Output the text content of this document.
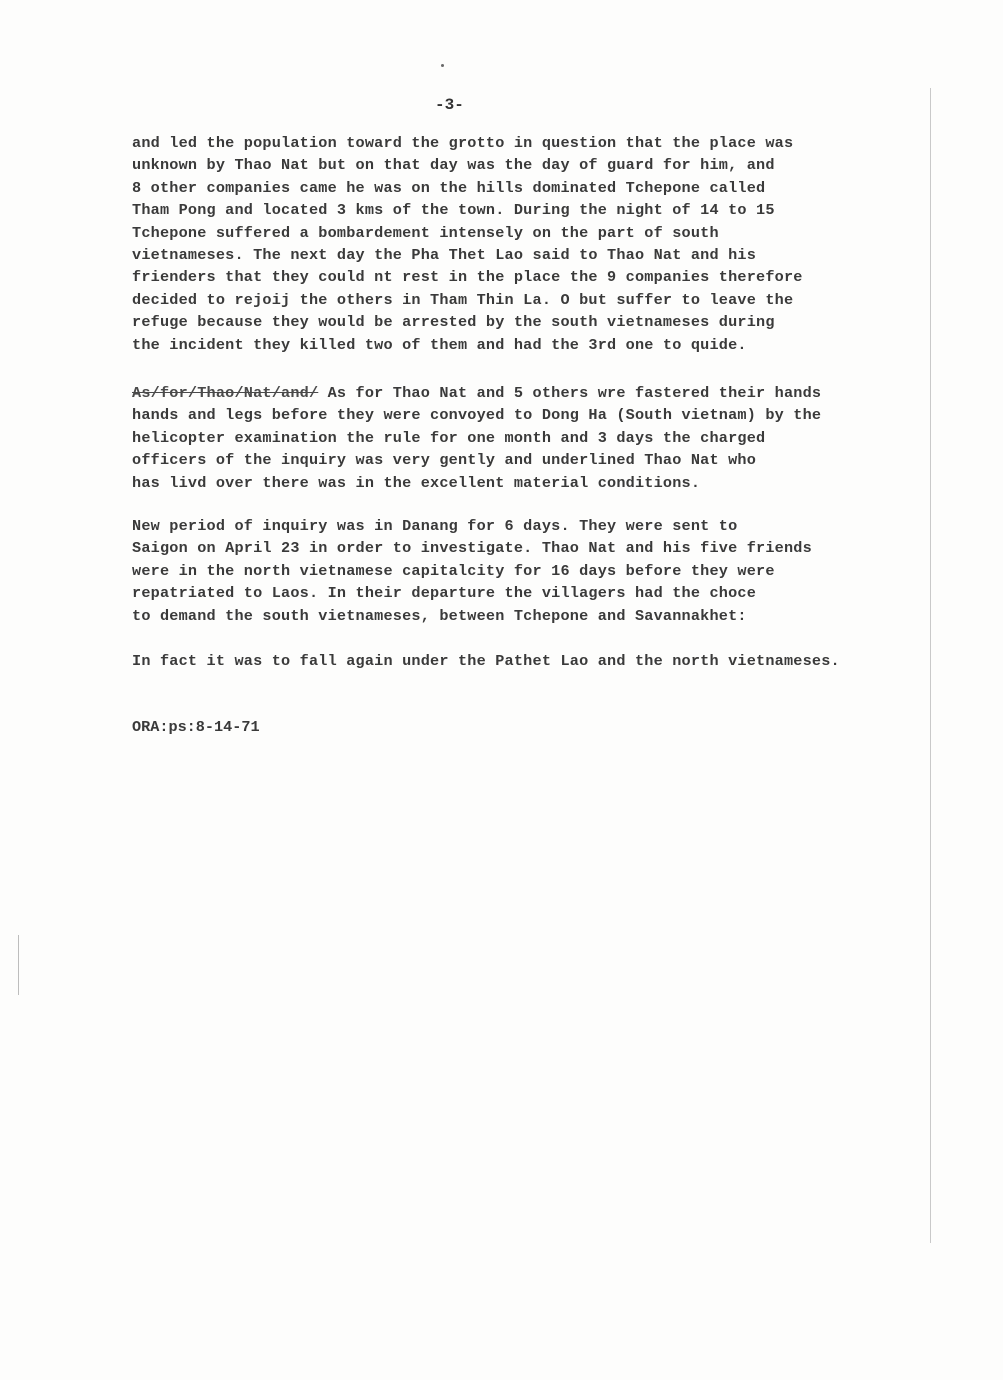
-3-
and led the population toward the grotto in question that the place was
unknown by Thao Nat but on that day was the day of guard for him, and
8 other companies came he was on the hills dominated Tchepone called
Tham Pong and located 3 kms of the town. During the night of 14 to 15
Tchepone suffered a bombardement intensely on the part of south
vietnameses. The next day the Pha Thet Lao said to Thao Nat and his
frienders that they could nt rest in the place the 9 companies therefore
decided to rejoij the others in Tham Thin La. O but suffer to leave the
refuge because they would be arrested by the south vietnameses during
the incident they killed two of them and had the 3rd one to quide.
As/for/Thao/Nat/and/ As for Thao Nat and 5 others wre fastered their hands
hands and legs before they were convoyed to Dong Ha (South vietnam) by the
helicopter examination the rule for one month and 3 days the charged
officers of the inquiry was very gently and underlined Thao Nat who
has livd over there was in the excellent material conditions.
New period of inquiry was in Danang for 6 days. They were sent to
Saigon on April 23 in order to investigate. Thao Nat and his five friends
were in the north vietnamese capitalcity for 16 days before they were
repatriated to Laos. In their departure the villagers had the choce
to demand the south vietnameses, between Tchepone and Savannakhet:
In fact it was to fall again under the Pathet Lao and the north vietnameses.
ORA:ps:8-14-71
